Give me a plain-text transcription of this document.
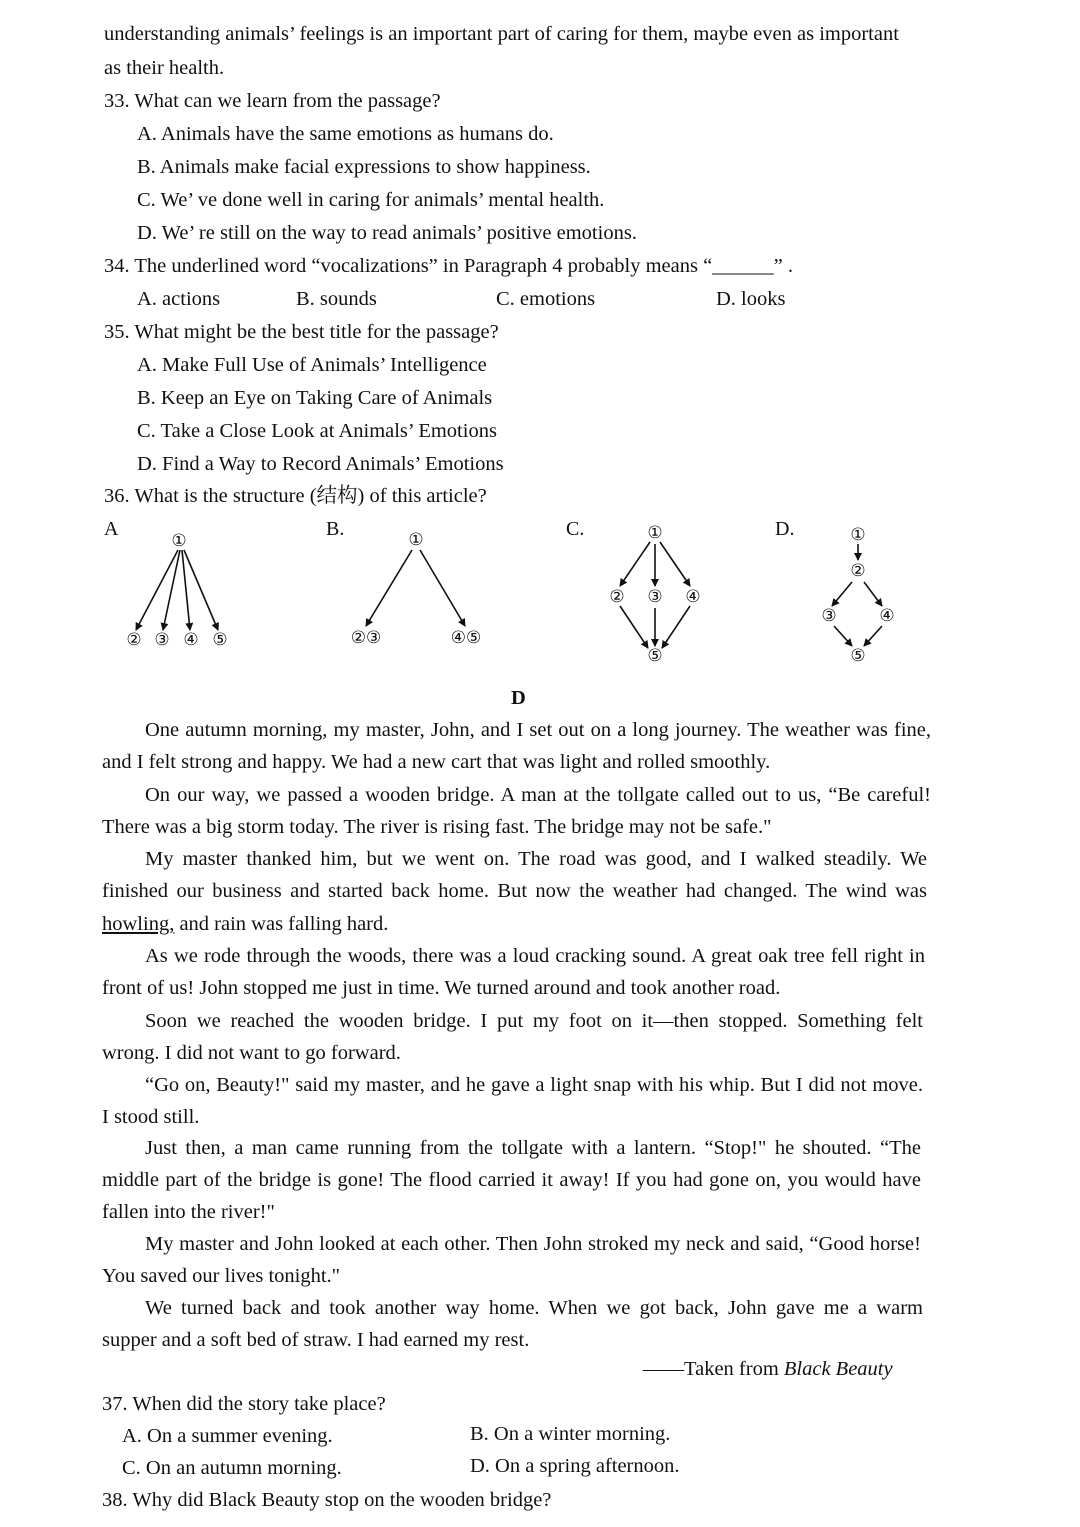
understanding animals’ feelings is an important part of caring for them, maybe even as important
as their health.
33. What can we learn from the passage?
A. Animals have the same emotions as humans do.
B. Animals make facial expressions to show happiness.
C. We’ ve done well in caring for animals’ mental health.
D. We’ re still on the way to read animals’ positive emotions.
34. The underlined word “vocalizations” in Paragraph 4 probably means “______” .
A. actions	B. sounds	C. emotions	D. looks
35. What might be the best title for the passage?
A. Make Full Use of Animals’ Intelligence
B. Keep an Eye on Taking Care of Animals
C. Take a Close Look at Animals’ Emotions
D. Find a Way to Record Animals’ Emotions
36. What is the structure (结构) of this article?
A	B.	C.	D.
①
② ③ ④ ⑤
①
②③	④⑤
①
② ③ ④
⑤
①
②
③	④
⑤
D
One autumn morning, my master, John, and I set out on a long journey. The weather was fine,
and I felt strong and happy. We had a new cart that was light and rolled smoothly.
On our way, we passed a wooden bridge. A man at the tollgate called out to us, “Be careful!
There was a big storm today. The river is rising fast. The bridge may not be safe."
My master thanked him, but we went on. The road was good, and I walked steadily. We
finished our business and started back home. But now the weather had changed. The wind was
howling, and rain was falling hard.
As we rode through the woods, there was a loud cracking sound. A great oak tree fell right in
front of us! John stopped me just in time. We turned around and took another road.
Soon we reached the wooden bridge. I put my foot on it—then stopped. Something felt
wrong. I did not want to go forward.
“Go on, Beauty!" said my master, and he gave a light snap with his whip. But I did not move.
I stood still.
Just then, a man came running from the tollgate with a lantern. “Stop!" he shouted. “The
middle part of the bridge is gone! The flood carried it away! If you had gone on, you would have
fallen into the river!"
My master and John looked at each other. Then John stroked my neck and said, “Good horse!
You saved our lives tonight."
We turned back and took another way home. When we got back, John gave me a warm
supper and a soft bed of straw. I had earned my rest.
——Taken from Black Beauty
37. When did the story take place?
A. On a summer evening.	B. On a winter morning.
C. On an autumn morning.	D. On a spring afternoon.
38. Why did Black Beauty stop on the wooden bridge?
